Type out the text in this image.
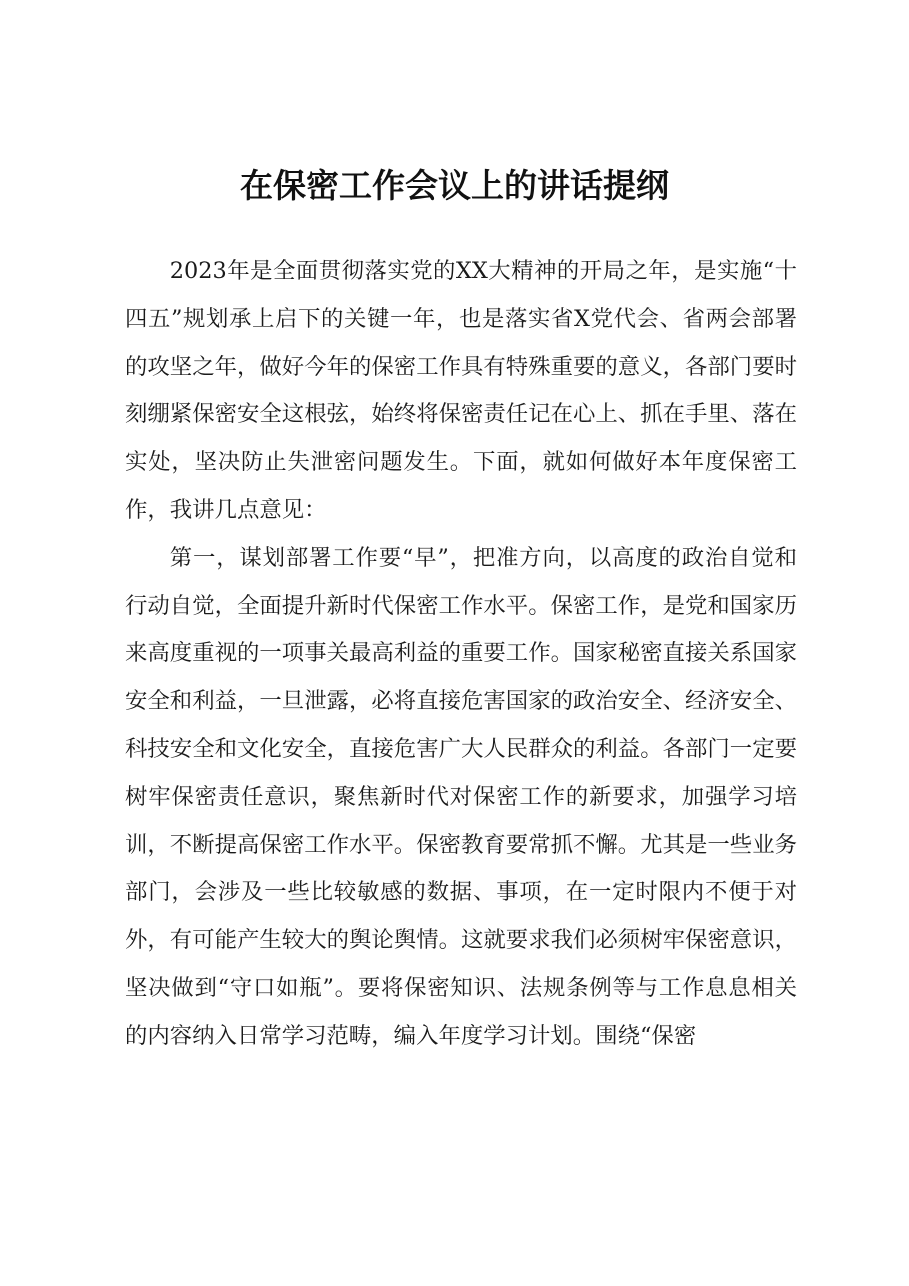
在保密工作会议上的讲话提纲

2023年是全面贯彻落实党的XX大精神的开局之年，是实施“十四五”规划承上启下的关键一年，也是落实省X党代会、省两会部署的攻坚之年，做好今年的保密工作具有特殊重要的意义，各部门要时刻绷紧保密安全这根弦，始终将保密责任记在心上、抓在手里、落在实处，坚决防止失泄密问题发生。下面，就如何做好本年度保密工作，我讲几点意见：

第一，谋划部署工作要“早”，把准方向，以高度的政治自觉和行动自觉，全面提升新时代保密工作水平。保密工作，是党和国家历来高度重视的一项事关最高利益的重要工作。国家秘密直接关系国家安全和利益，一旦泄露，必将直接危害国家的政治安全、经济安全、科技安全和文化安全，直接危害广大人民群众的利益。各部门一定要树牢保密责任意识，聚焦新时代对保密工作的新要求，加强学习培训，不断提高保密工作水平。保密教育要常抓不懈。尤其是一些业务部门，会涉及一些比较敏感的数据、事项，在一定时限内不便于对外，有可能产生较大的舆论舆情。这就要求我们必须树牢保密意识，坚决做到“守口如瓶”。要将保密知识、法规条例等与工作息息相关的内容纳入日常学习范畴，编入年度学习计划。围绕“保密
